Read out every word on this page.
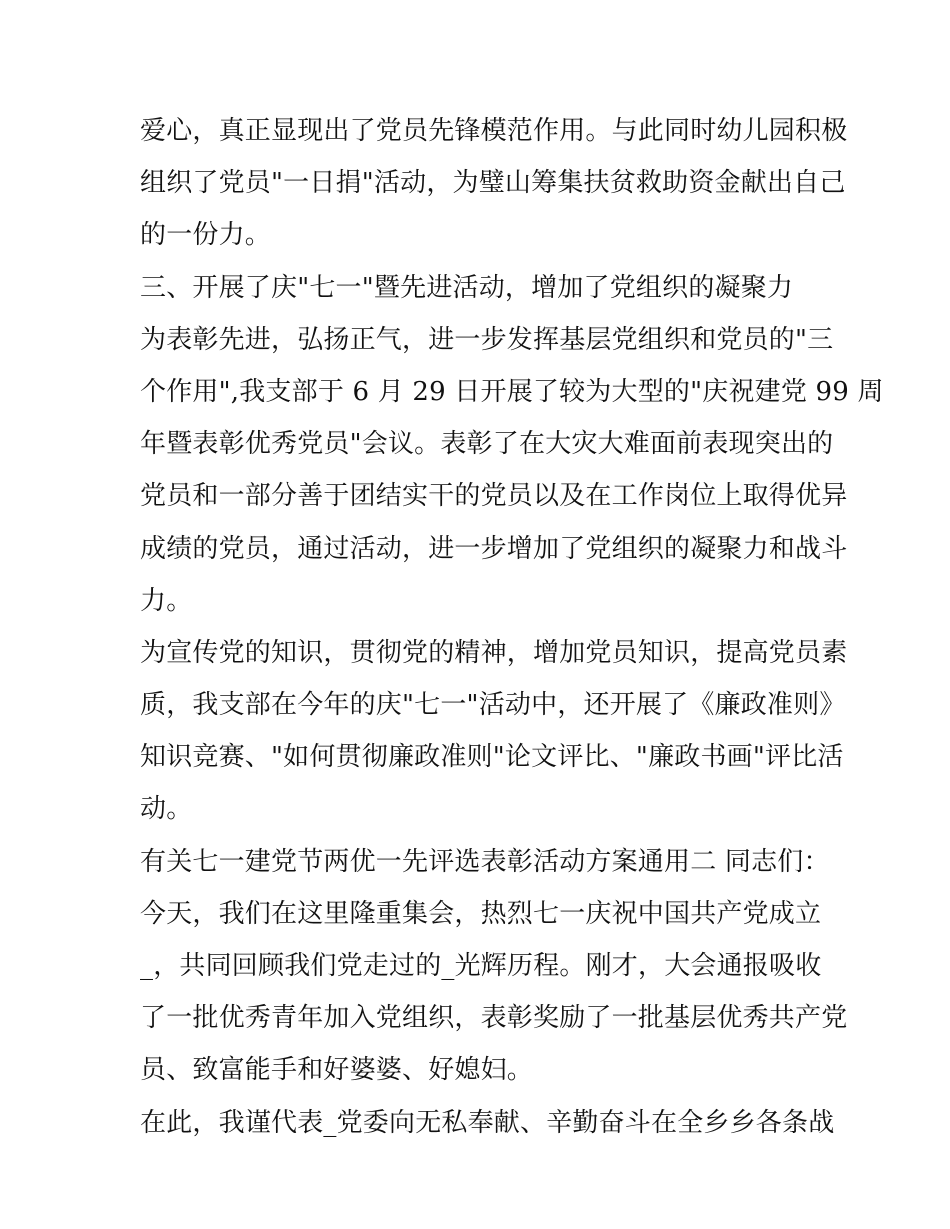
爱心，真正显现出了党员先锋模范作用。与此同时幼儿园积极
组织了党员"一日捐"活动，为璧山筹集扶贫救助资金献出自己
的一份力。
三、开展了庆"七一"暨先进活动，增加了党组织的凝聚力
为表彰先进，弘扬正气，进一步发挥基层党组织和党员的"三
个作用",我支部于 6 月 29 日开展了较为大型的"庆祝建党 99 周
年暨表彰优秀党员"会议。表彰了在大灾大难面前表现突出的
党员和一部分善于团结实干的党员以及在工作岗位上取得优异
成绩的党员，通过活动，进一步增加了党组织的凝聚力和战斗
力。
为宣传党的知识，贯彻党的精神，增加党员知识，提高党员素
质，我支部在今年的庆"七一"活动中，还开展了《廉政准则》
知识竞赛、"如何贯彻廉政准则"论文评比、"廉政书画"评比活
动。
有关七一建党节两优一先评选表彰活动方案通用二 同志们：
今天，我们在这里隆重集会，热烈七一庆祝中国共产党成立
_，共同回顾我们党走过的_光辉历程。刚才，大会通报吸收
了一批优秀青年加入党组织，表彰奖励了一批基层优秀共产党
员、致富能手和好婆婆、好媳妇。
在此，我谨代表_党委向无私奉献、辛勤奋斗在全乡乡各条战
